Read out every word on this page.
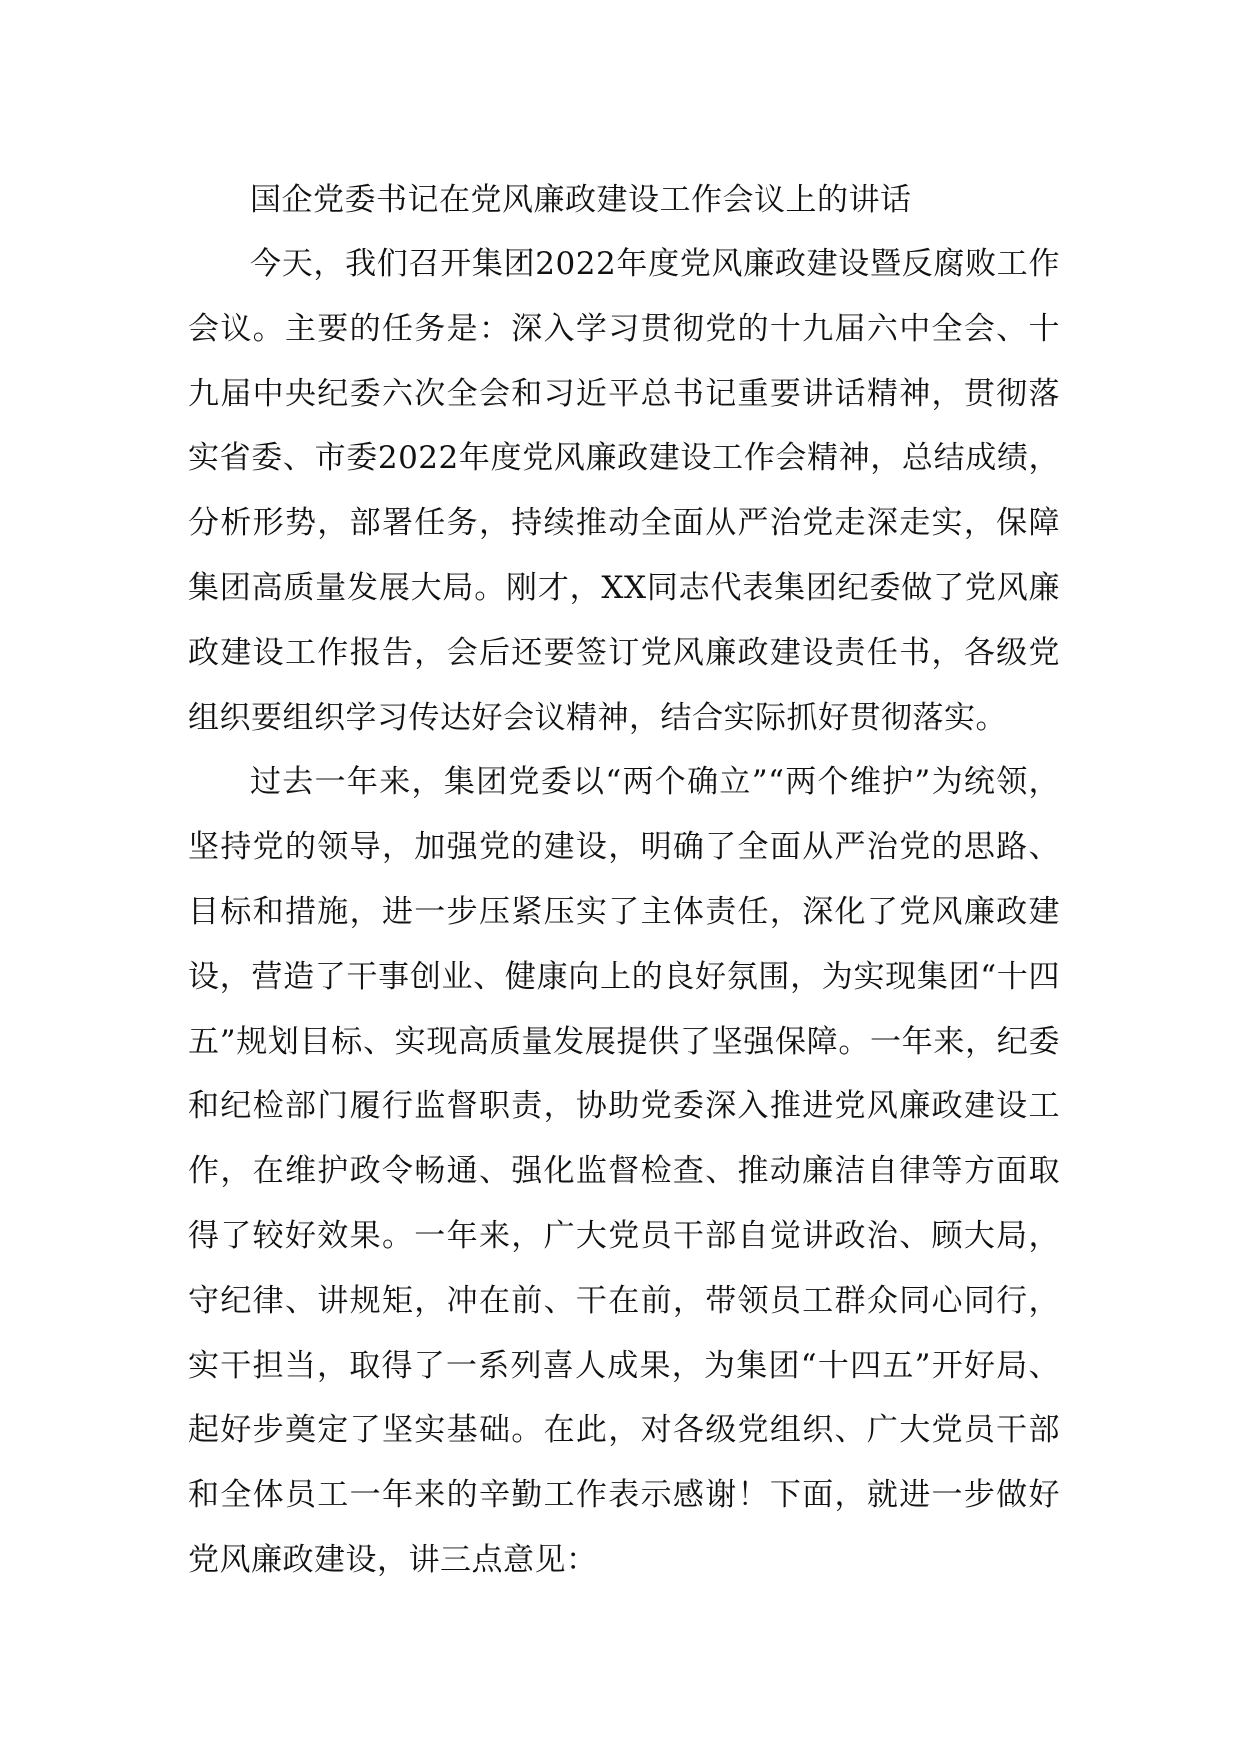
国企党委书记在党风廉政建设工作会议上的讲话

今天，我们召开集团2022年度党风廉政建设暨反腐败工作会议。主要的任务是：深入学习贯彻党的十九届六中全会、十九届中央纪委六次全会和习近平总书记重要讲话精神，贯彻落实省委、市委2022年度党风廉政建设工作会精神，总结成绩，分析形势，部署任务，持续推动全面从严治党走深走实，保障集团高质量发展大局。刚才，XX同志代表集团纪委做了党风廉政建设工作报告，会后还要签订党风廉政建设责任书，各级党组织要组织学习传达好会议精神，结合实际抓好贯彻落实。

过去一年来，集团党委以“两个确立”“两个维护”为统领，坚持党的领导，加强党的建设，明确了全面从严治党的思路、目标和措施，进一步压紧压实了主体责任，深化了党风廉政建设，营造了干事创业、健康向上的良好氛围，为实现集团“十四五”规划目标、实现高质量发展提供了坚强保障。一年来，纪委和纪检部门履行监督职责，协助党委深入推进党风廉政建设工作，在维护政令畅通、强化监督检查、推动廉洁自律等方面取得了较好效果。一年来，广大党员干部自觉讲政治、顾大局，守纪律、讲规矩，冲在前、干在前，带领员工群众同心同行，实干担当，取得了一系列喜人成果，为集团“十四五”开好局、起好步奠定了坚实基础。在此，对各级党组织、广大党员干部和全体员工一年来的辛勤工作表示感谢！下面，就进一步做好党风廉政建设，讲三点意见：
